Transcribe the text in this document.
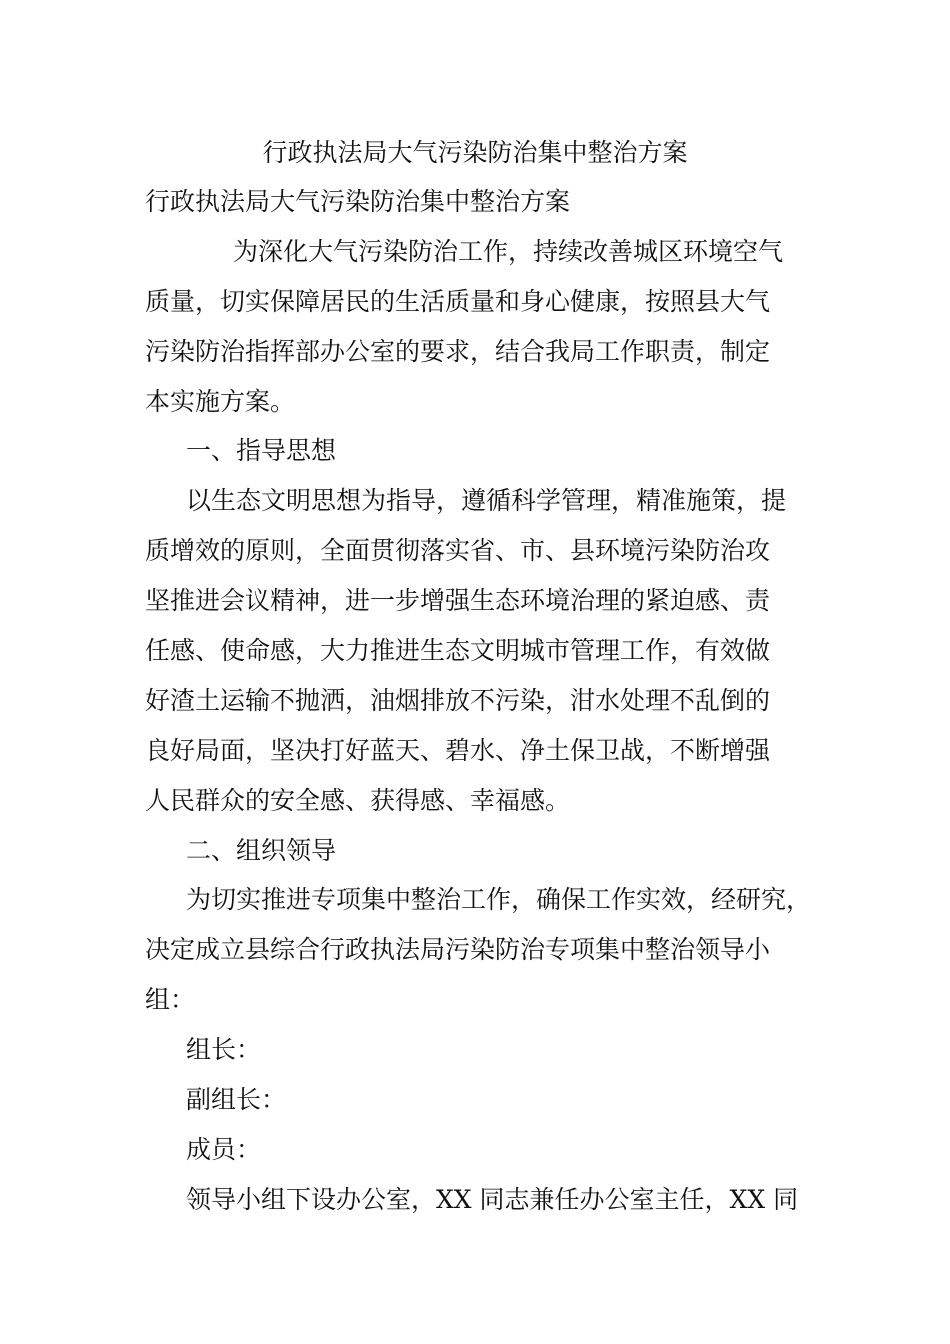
行政执法局大气污染防治集中整治方案
行政执法局大气污染防治集中整治方案
为深化大气污染防治工作，持续改善城区环境空气
质量，切实保障居民的生活质量和身心健康，按照县大气
污染防治指挥部办公室的要求，结合我局工作职责，制定
本实施方案。
一、指导思想
以生态文明思想为指导，遵循科学管理，精准施策，提
质增效的原则，全面贯彻落实省、市、县环境污染防治攻
坚推进会议精神，进一步增强生态环境治理的紧迫感、责
任感、使命感，大力推进生态文明城市管理工作，有效做
好渣土运输不抛洒，油烟排放不污染，泔水处理不乱倒的
良好局面，坚决打好蓝天、碧水、净土保卫战，不断增强
人民群众的安全感、获得感、幸福感。
二、组织领导
为切实推进专项集中整治工作，确保工作实效，经研究，
决定成立县综合行政执法局污染防治专项集中整治领导小
组：
组长：
副组长：
成员：
领导小组下设办公室，XX 同志兼任办公室主任，XX 同
